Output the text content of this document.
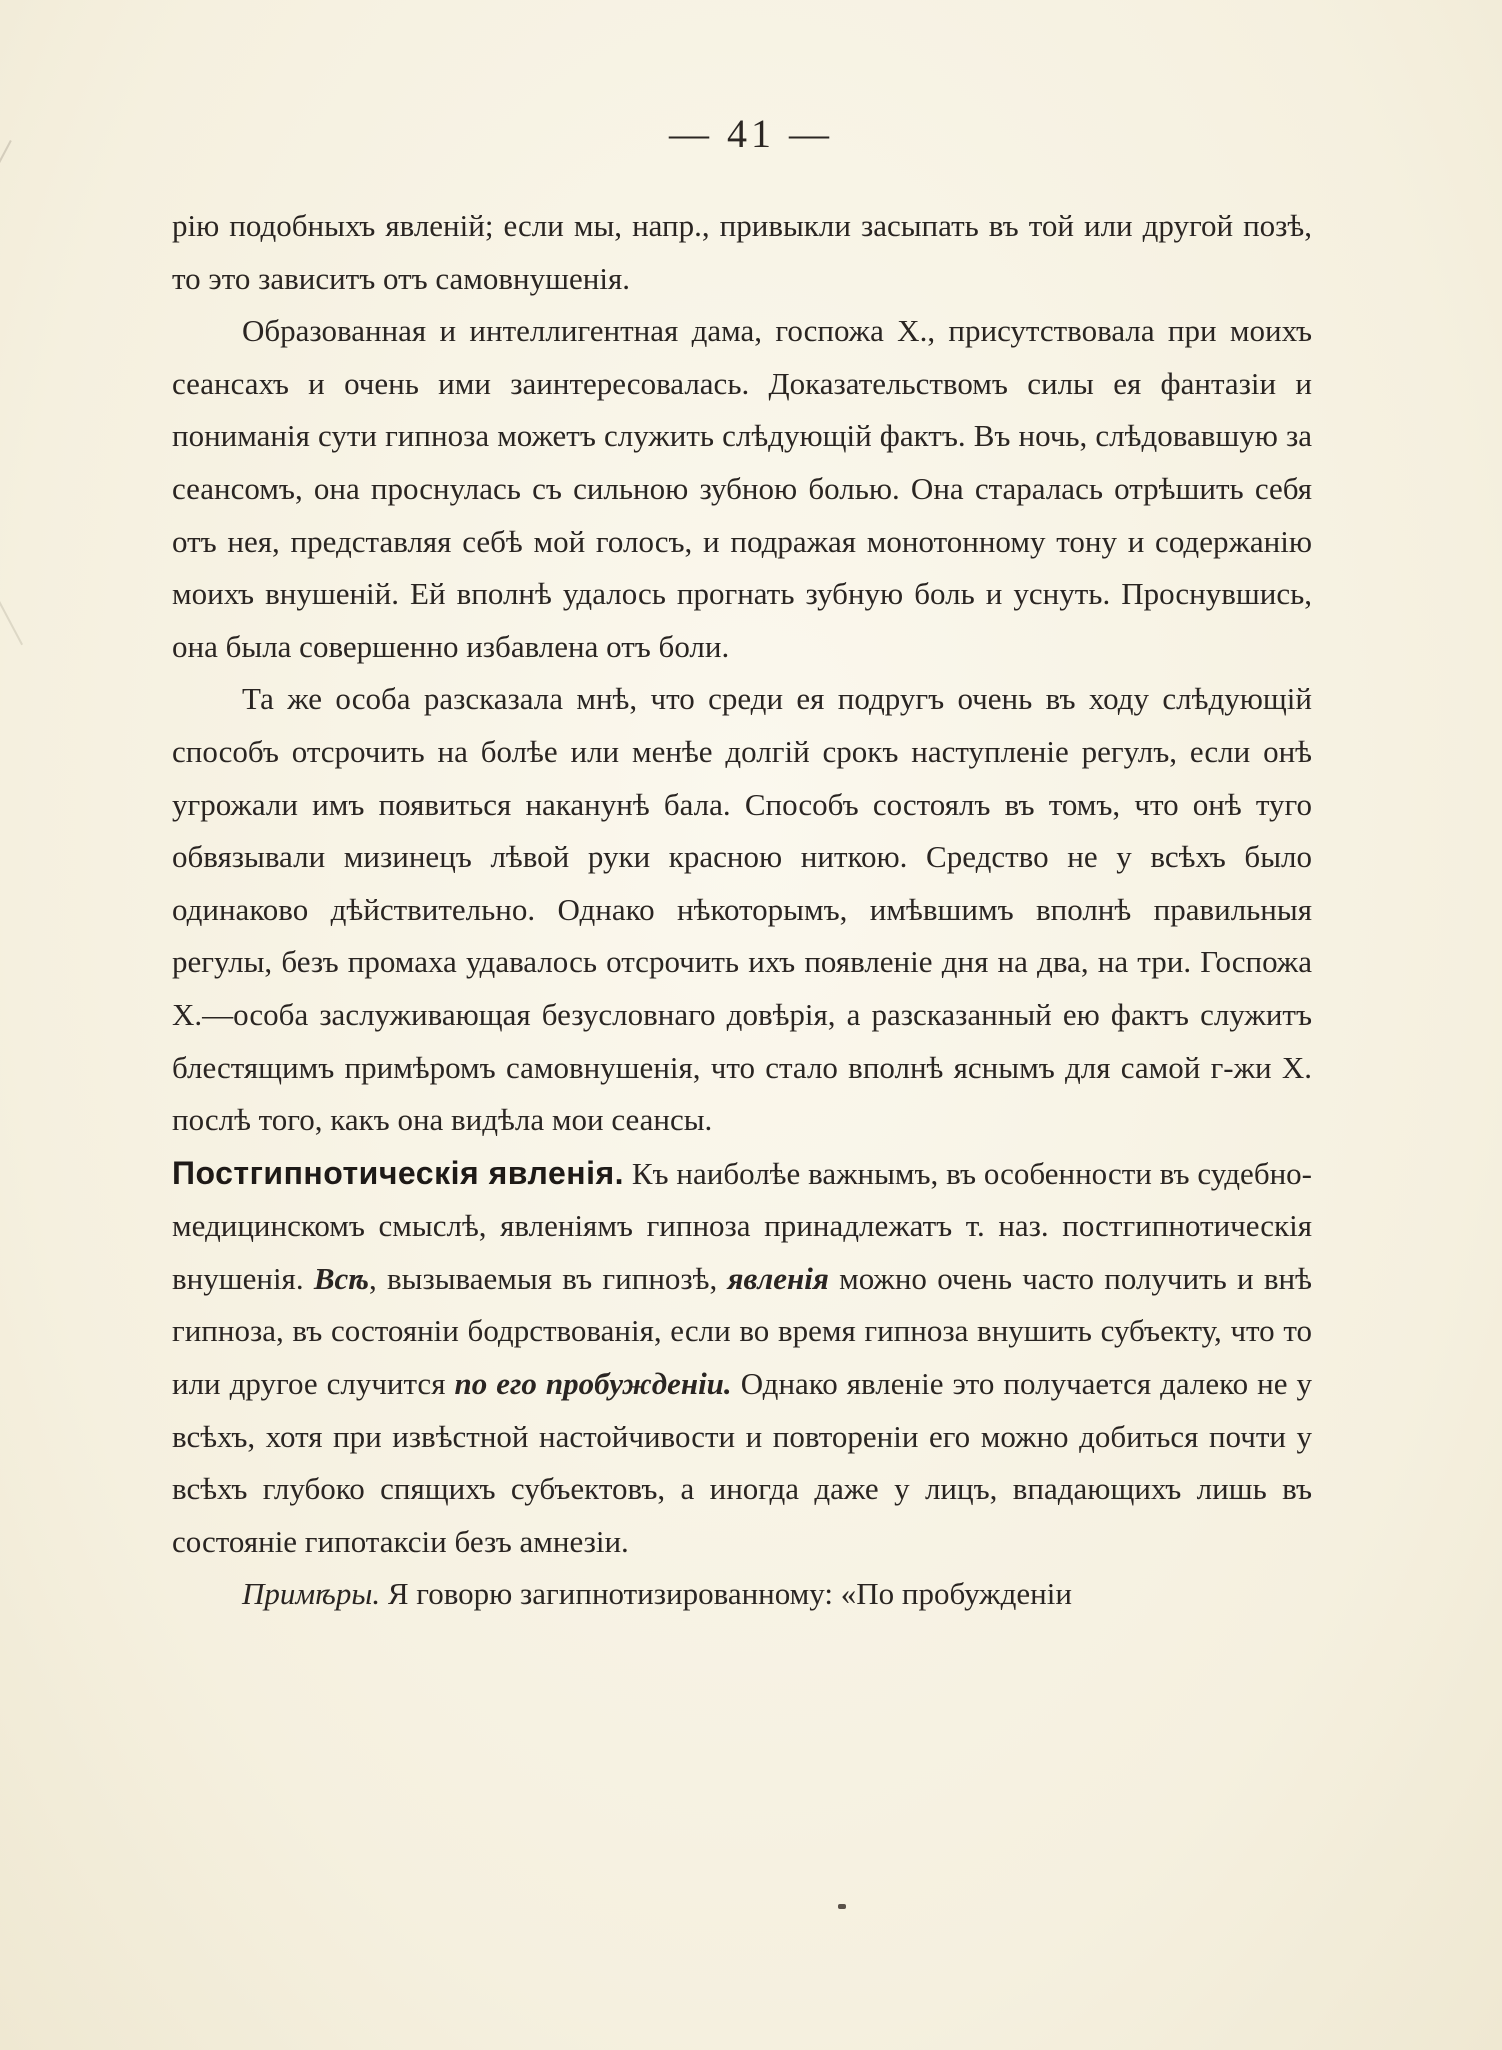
— 41 —

рію подобныхъ явленій; если мы, напр., привыкли засыпать въ той или другой позѣ, то это зависитъ отъ самовнушенія.

Образованная и интеллигентная дама, госпожа X., присутствовала при моихъ сеансахъ и очень ими заинтересовалась. Доказательствомъ силы ея фантазіи и пониманія сути гипноза можетъ служить слѣдующій фактъ. Въ ночь, слѣдовавшую за сеансомъ, она проснулась съ сильною зубною болью. Она старалась отрѣшить себя отъ нея, представляя себѣ мой голосъ, и подражая монотонному тону и содержанію моихъ внушеній. Ей вполнѣ удалось прогнать зубную боль и уснуть. Проснувшись, она была совершенно избавлена отъ боли.

Та же особа разсказала мнѣ, что среди ея подругъ очень въ ходу слѣдующій способъ отсрочить на болѣе или менѣе долгій срокъ наступленіе регулъ, если онѣ угрожали имъ появиться наканунѣ бала. Способъ состоялъ въ томъ, что онѣ туго обвязывали мизинецъ лѣвой руки красною ниткою. Средство не у всѣхъ было одинаково дѣйствительно. Однако нѣкоторымъ, имѣвшимъ вполнѣ правильныя регулы, безъ промаха удавалось отсрочить ихъ появленіе дня на два, на три. Госпожа X.—особа заслуживающая безусловнаго довѣрія, а разсказанный ею фактъ служитъ блестящимъ примѣромъ самовнушенія, что стало вполнѣ яснымъ для самой г-жи X. послѣ того, какъ она видѣла мои сеансы.

Постгипнотическія явленія. Къ наиболѣе важнымъ, въ особенности въ судебно-медицинскомъ смыслѣ, явленіямъ гипноза принадлежатъ т. наз. постгипнотическія внушенія. Всѣ, вызываемыя въ гипнозѣ, явленія можно очень часто получить и внѣ гипноза, въ состояніи бодрствованія, если во время гипноза внушить субъекту, что то или другое случится по его пробужденіи. Однако явленіе это получается далеко не у всѣхъ, хотя при извѣстной настойчивости и повтореніи его можно добиться почти у всѣхъ глубоко спящихъ субъектовъ, а иногда даже у лицъ, впадающихъ лишь въ состояніе гипотаксіи безъ амнезіи.

Примѣры. Я говорю загипнотизированному: «По пробужденіи
